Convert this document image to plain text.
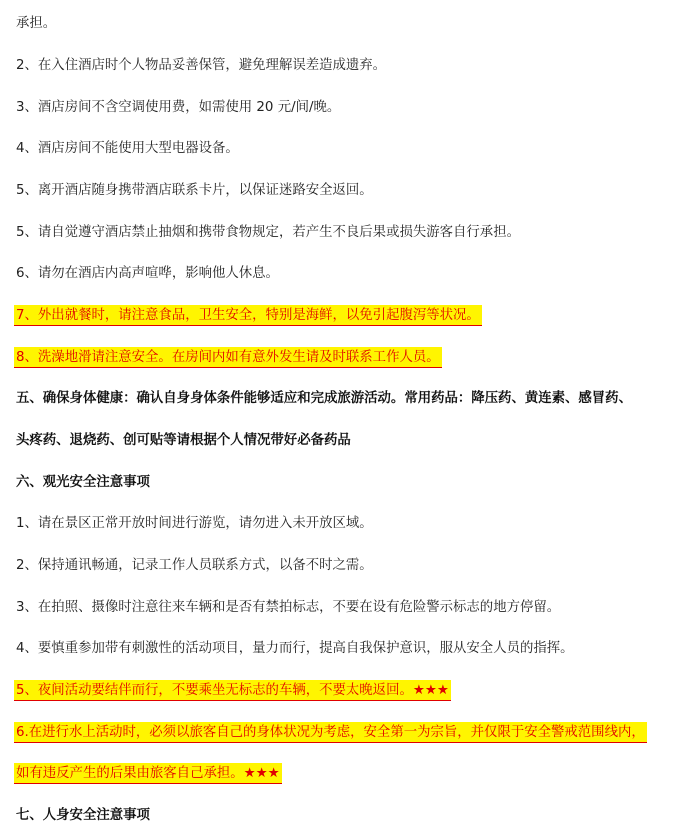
承担。
2、在入住酒店时个人物品妥善保管，避免理解误差造成遗弃。
3、酒店房间不含空调使用费，如需使用 20 元/间/晚。
4、酒店房间不能使用大型电器设备。
5、离开酒店随身携带酒店联系卡片，以保证迷路安全返回。
5、请自觉遵守酒店禁止抽烟和携带食物规定，若产生不良后果或损失游客自行承担。
6、请勿在酒店内高声喧哗，影响他人休息。
7、外出就餐时，请注意食品，卫生安全，特别是海鲜，以免引起腹泻等状况。
8、洗澡地滑请注意安全。在房间内如有意外发生请及时联系工作人员。
五、确保身体健康：确认自身身体条件能够适应和完成旅游活动。常用药品：降压药、黄连素、感冒药、
头疼药、退烧药、创可贴等请根据个人情况带好必备药品
六、观光安全注意事项
1、请在景区正常开放时间进行游览，请勿进入未开放区域。
2、保持通讯畅通，记录工作人员联系方式，以备不时之需。
3、在拍照、摄像时注意往来车辆和是否有禁拍标志，不要在设有危险警示标志的地方停留。
4、要慎重参加带有刺激性的活动项目，量力而行，提高自我保护意识，服从安全人员的指挥。
5、夜间活动要结伴而行，不要乘坐无标志的车辆，不要太晚返回。★★★
6.在进行水上活动时，必须以旅客自己的身体状况为考虑，安全第一为宗旨，并仅限于安全警戒范围线内，
如有违反产生的后果由旅客自己承担。★★★
七、人身安全注意事项
